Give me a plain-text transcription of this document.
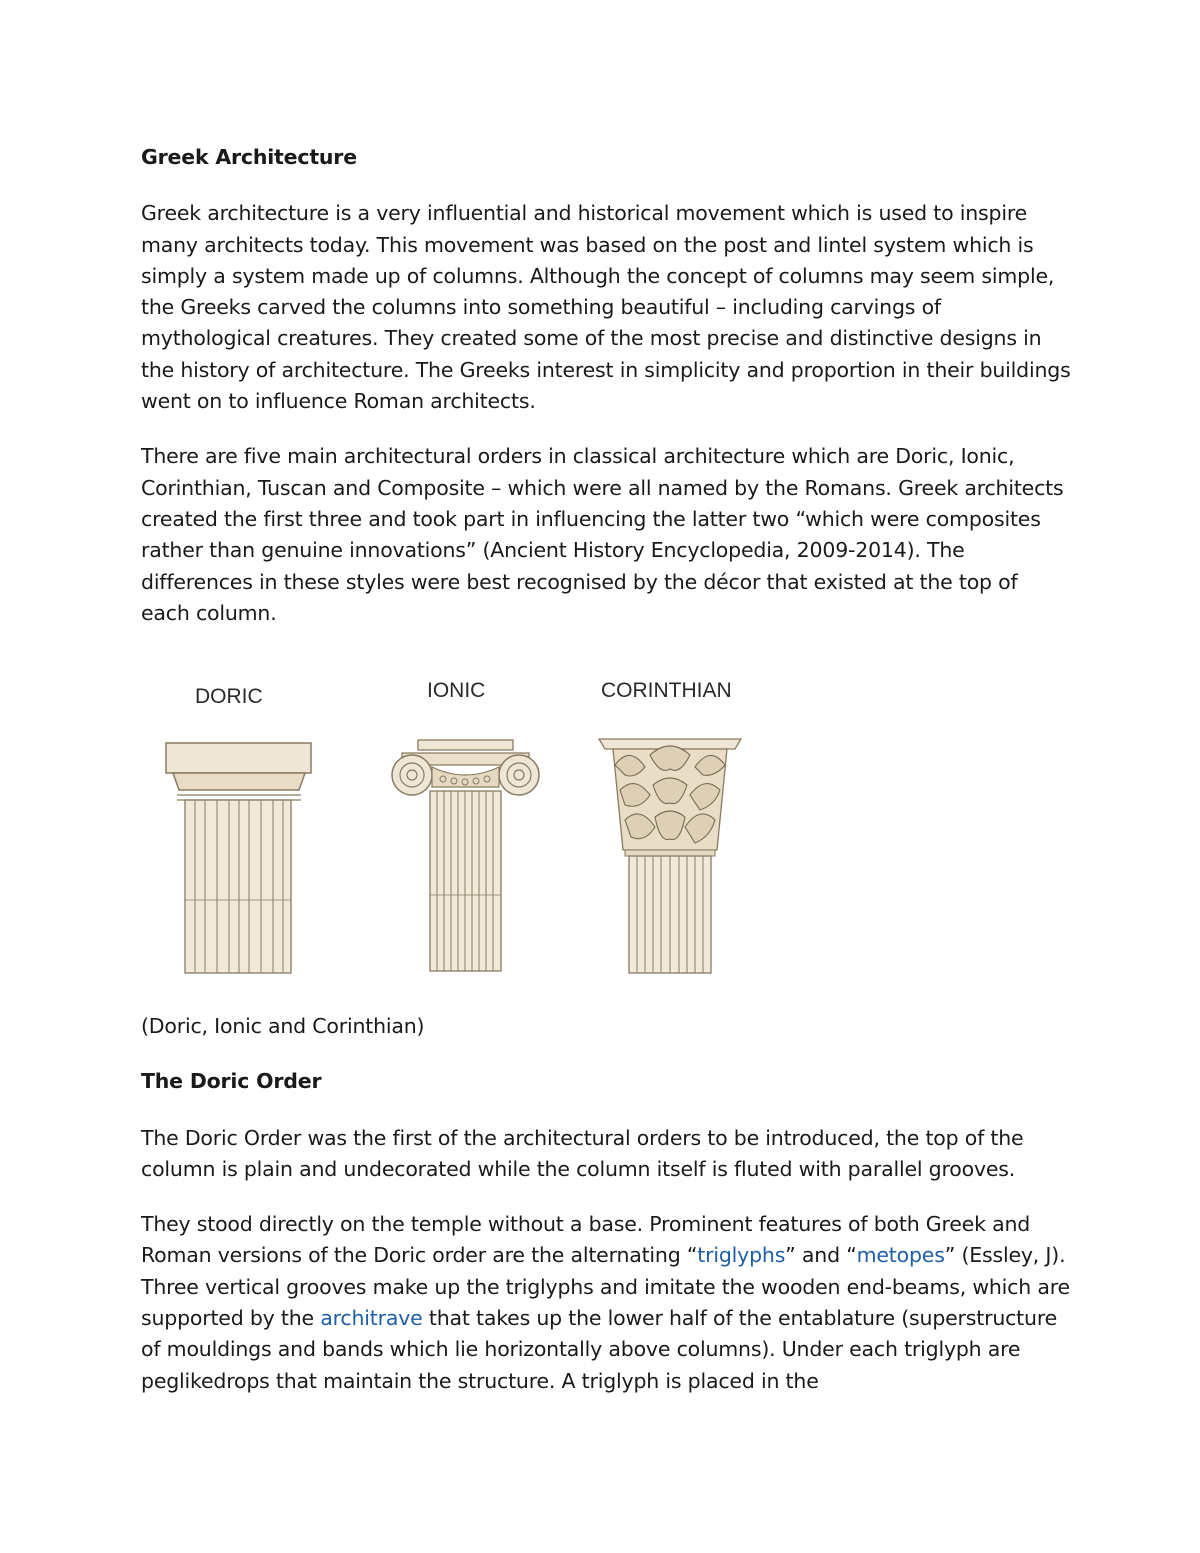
Greek Architecture

Greek architecture is a very influential and historical movement which is used to inspire many architects today. This movement was based on the post and lintel system which is simply a system made up of columns. Although the concept of columns may seem simple, the Greeks carved the columns into something beautiful – including carvings of mythological creatures. They created some of the most precise and distinctive designs in the history of architecture. The Greeks interest in simplicity and proportion in their buildings went on to influence Roman architects.

There are five main architectural orders in classical architecture which are Doric, Ionic, Corinthian, Tuscan and Composite – which were all named by the Romans. Greek architects created the first three and took part in influencing the latter two “which were composites rather than genuine innovations” (Ancient History Encyclopedia, 2009-2014). The differences in these styles were best recognised by the décor that existed at the top of each column.

DORIC	IONIC	CORINTHIAN

(Doric, Ionic and Corinthian)

The Doric Order

The Doric Order was the first of the architectural orders to be introduced, the top of the column is plain and undecorated while the column itself is fluted with parallel grooves.

They stood directly on the temple without a base. Prominent features of both Greek and Roman versions of the Doric order are the alternating “triglyphs” and “metopes” (Essley, J). Three vertical grooves make up the triglyphs and imitate the wooden end-beams, which are supported by the architrave that takes up the lower half of the entablature (superstructure of mouldings and bands which lie horizontally above columns). Under each triglyph are peglikedrops that maintain the structure. A triglyph is placed in the
